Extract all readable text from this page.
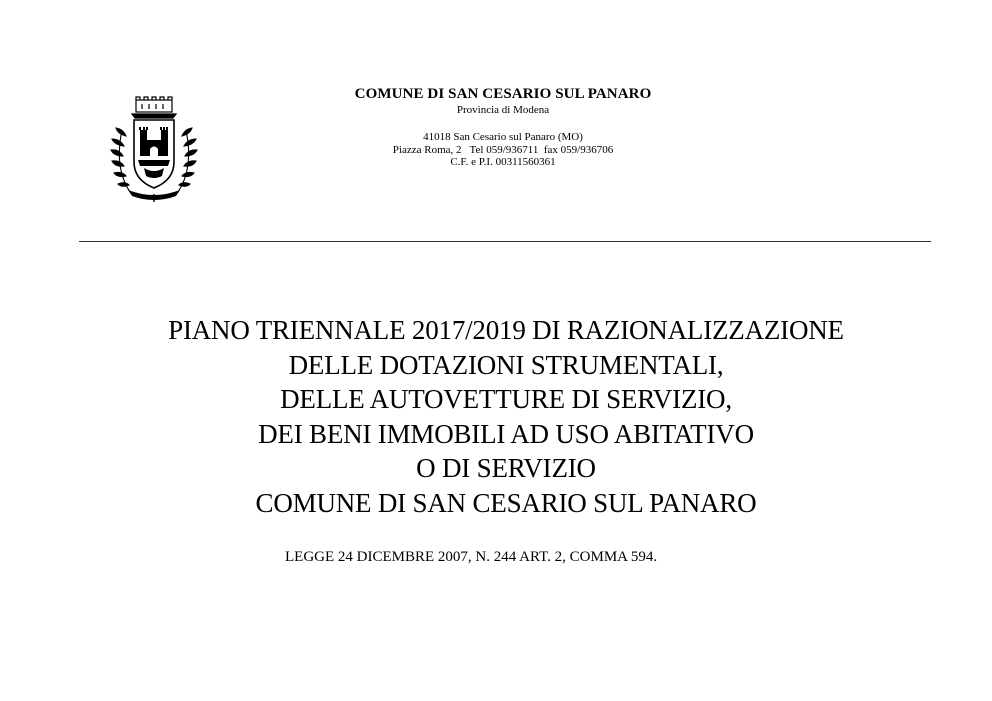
COMUNE DI SAN CESARIO SUL PANARO
Provincia di Modena
41018 San Cesario sul Panaro (MO)
Piazza Roma, 2   Tel 059/936711  fax 059/936706
C.F. e P.I. 00311560361
PIANO TRIENNALE 2017/2019 DI RAZIONALIZZAZIONE
DELLE DOTAZIONI STRUMENTALI,
DELLE AUTOVETTURE DI SERVIZIO,
DEI BENI IMMOBILI AD USO ABITATIVO
O DI SERVIZIO
COMUNE DI SAN CESARIO SUL PANARO
LEGGE 24 DICEMBRE 2007, N. 244 ART. 2, COMMA 594.
